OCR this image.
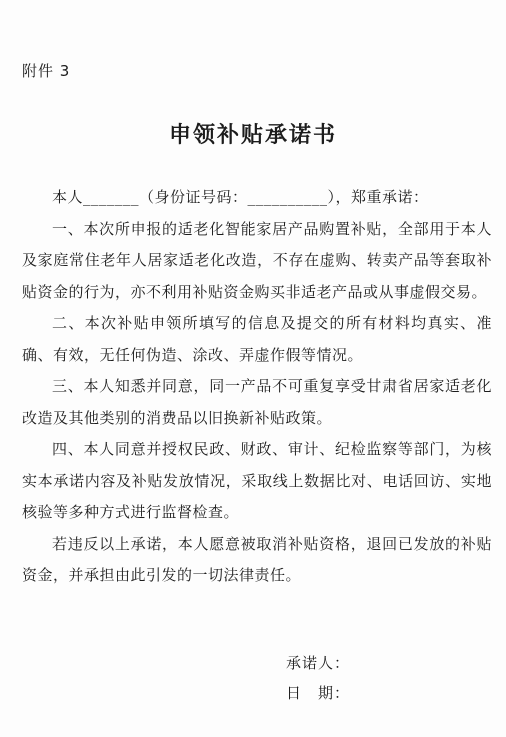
附件 3
申领补贴承诺书

本人_______（身份证号码：__________），郑重承诺：

一、本次所申报的适老化智能家居产品购置补贴，全部用于本人及家庭常住老年人居家适老化改造，不存在虚购、转卖产品等套取补贴资金的行为，亦不利用补贴资金购买非适老产品或从事虚假交易。

二、本次补贴申领所填写的信息及提交的所有材料均真实、准确、有效，无任何伪造、涂改、弄虚作假等情况。

三、本人知悉并同意，同一产品不可重复享受甘肃省居家适老化改造及其他类别的消费品以旧换新补贴政策。

四、本人同意并授权民政、财政、审计、纪检监察等部门，为核实本承诺内容及补贴发放情况，采取线上数据比对、电话回访、实地核验等多种方式进行监督检查。

若违反以上承诺，本人愿意被取消补贴资格，退回已发放的补贴资金，并承担由此引发的一切法律责任。

承诺人：
日　期：
